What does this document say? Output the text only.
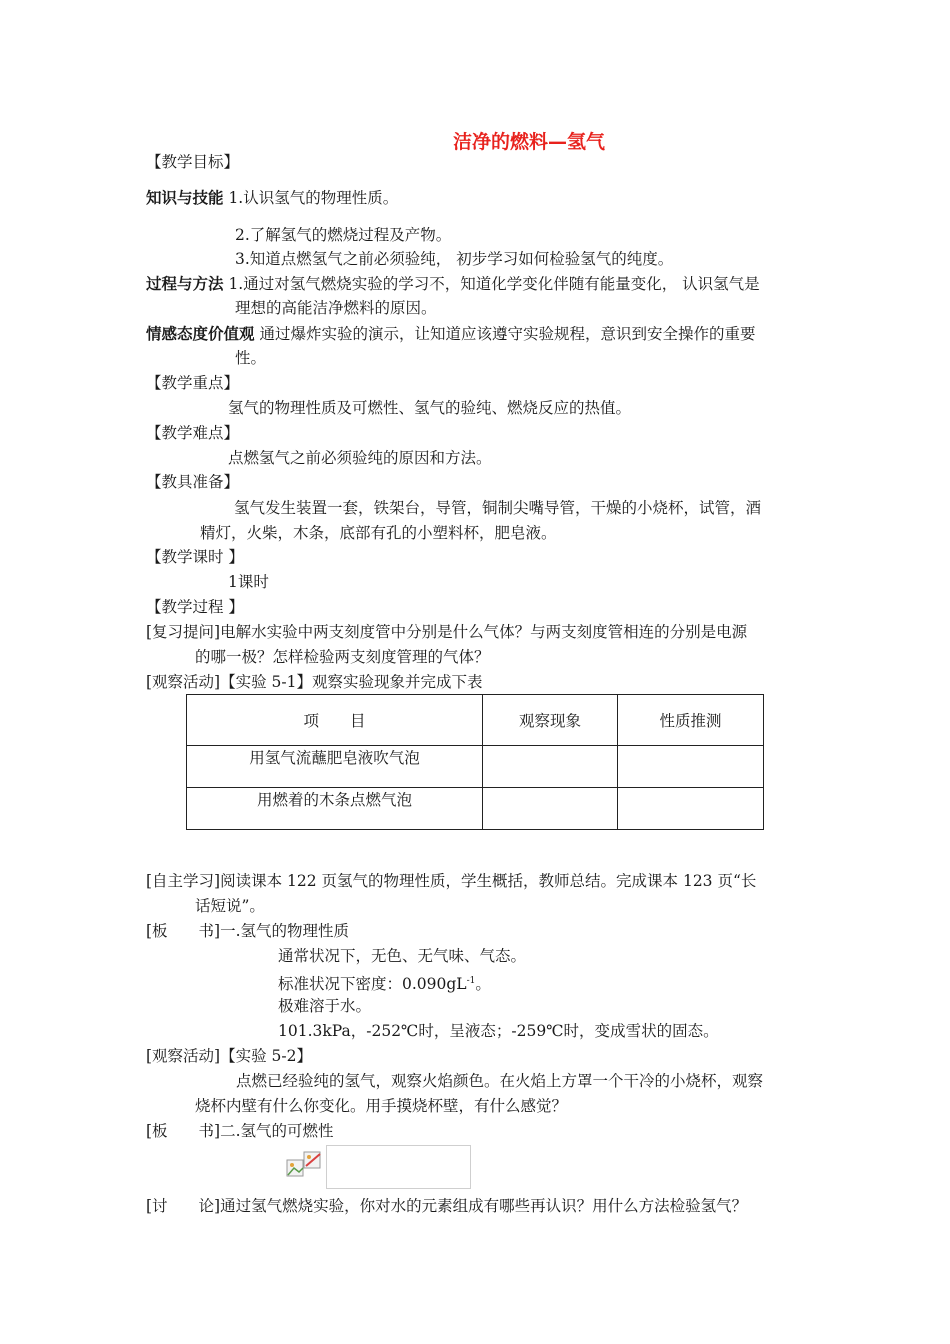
洁净的燃料—氢气
【教学目标】
知识与技能 1.认识氢气的物理性质。
2.了解氢气的燃烧过程及产物。
3.知道点燃氢气之前必须验纯， 初步学习如何检验氢气的纯度。
过程与方法 1.通过对氢气燃烧实验的学习不，知道化学变化伴随有能量变化， 认识氢气是
理想的高能洁净燃料的原因。
情感态度价值观 通过爆炸实验的演示，让知道应该遵守实验规程，意识到安全操作的重要
性。
【教学重点】
氢气的物理性质及可燃性、氢气的验纯、燃烧反应的热值。
【教学难点】
点燃氢气之前必须验纯的原因和方法。
【教具准备】
氢气发生装置一套，铁架台，导管，铜制尖嘴导管，干燥的小烧杯，试管，酒
精灯，火柴，木条，底部有孔的小塑料杯，肥皂液。
【教学课时 】
1课时
【教学过程 】
[复习提问]电解水实验中两支刻度管中分别是什么气体？与两支刻度管相连的分别是电源
的哪一极？怎样检验两支刻度管理的气体？
[观察活动]【实验 5-1】观察实验现象并完成下表
项　　目	观察现象	性质推测
用氢气流蘸肥皂液吹气泡		
用燃着的木条点燃气泡		
[自主学习]阅读课本 122 页氢气的物理性质，学生概括，教师总结。完成课本 123 页“长
话短说”。
[板　　书]一.氢气的物理性质
通常状况下，无色、无气味、气态。
标准状况下密度：$0.090gL^{-1}$。
极难溶于水。
101.3kPa，-252℃时，呈液态；-259℃时，变成雪状的固态。
[观察活动]【实验 5-2】
点燃已经验纯的氢气，观察火焰颜色。在火焰上方罩一个干冷的小烧杯，观察
烧杯内壁有什么你变化。用手摸烧杯壁，有什么感觉？
[板　　书]二.氢气的可燃性
[讨　　论]通过氢气燃烧实验，你对水的元素组成有哪些再认识？用什么方法检验氢气？
